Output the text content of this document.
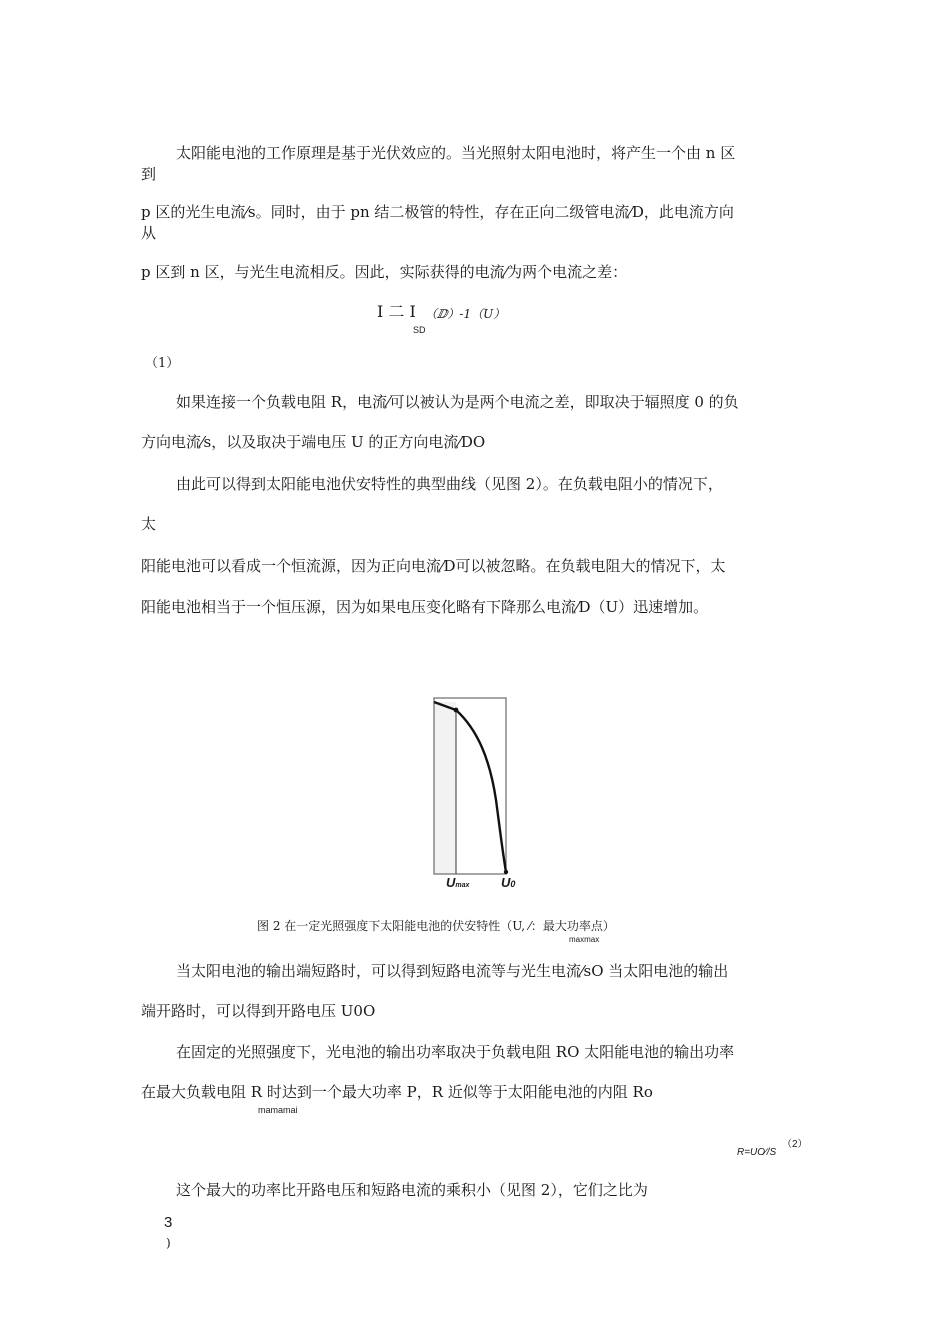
太阳能电池的工作原理是基于光伏效应的。当光照射太阳电池时，将产生一个由 n 区
到
p 区的光生电流⁄s。同时，由于 pn 结二极管的特性，存在正向二级管电流⁄D，此电流方向
从
p 区到 n 区，与光生电流相反。因此，实际获得的电流⁄为两个电流之差：
I 二 I （ⅅ）-1（U）
SD
（1）
如果连接一个负载电阻 R，电流⁄可以被认为是两个电流之差，即取决于辐照度 0 的负
方向电流⁄s，以及取决于端电压 U 的正方向电流⁄DO
由此可以得到太阳能电池伏安特性的典型曲线（见图 2）。在负载电阻小的情况下，
太
阳能电池可以看成一个恒流源，因为正向电流⁄D可以被忽略。在负载电阻大的情况下，太
阳能电池相当于一个恒压源，因为如果电压变化略有下降那么电流⁄D（U）迅速增加。
Umax U0
图 2 在一定光照强度下太阳能电池的伏安特性（U, ⁄：最大功率点）
maxmax
当太阳电池的输出端短路时，可以得到短路电流等与光生电流⁄sO 当太阳电池的输出
端开路时，可以得到开路电压 U0O
在固定的光照强度下，光电池的输出功率取决于负载电阻 RO 太阳能电池的输出功率
在最大负载电阻 R 时达到一个最大功率 P，R 近似等于太阳能电池的内阻 Ro
mamamai
R=UO⁄/S
（2）
这个最大的功率比开路电压和短路电流的乘积小（见图 2），它们之比为
3
)
